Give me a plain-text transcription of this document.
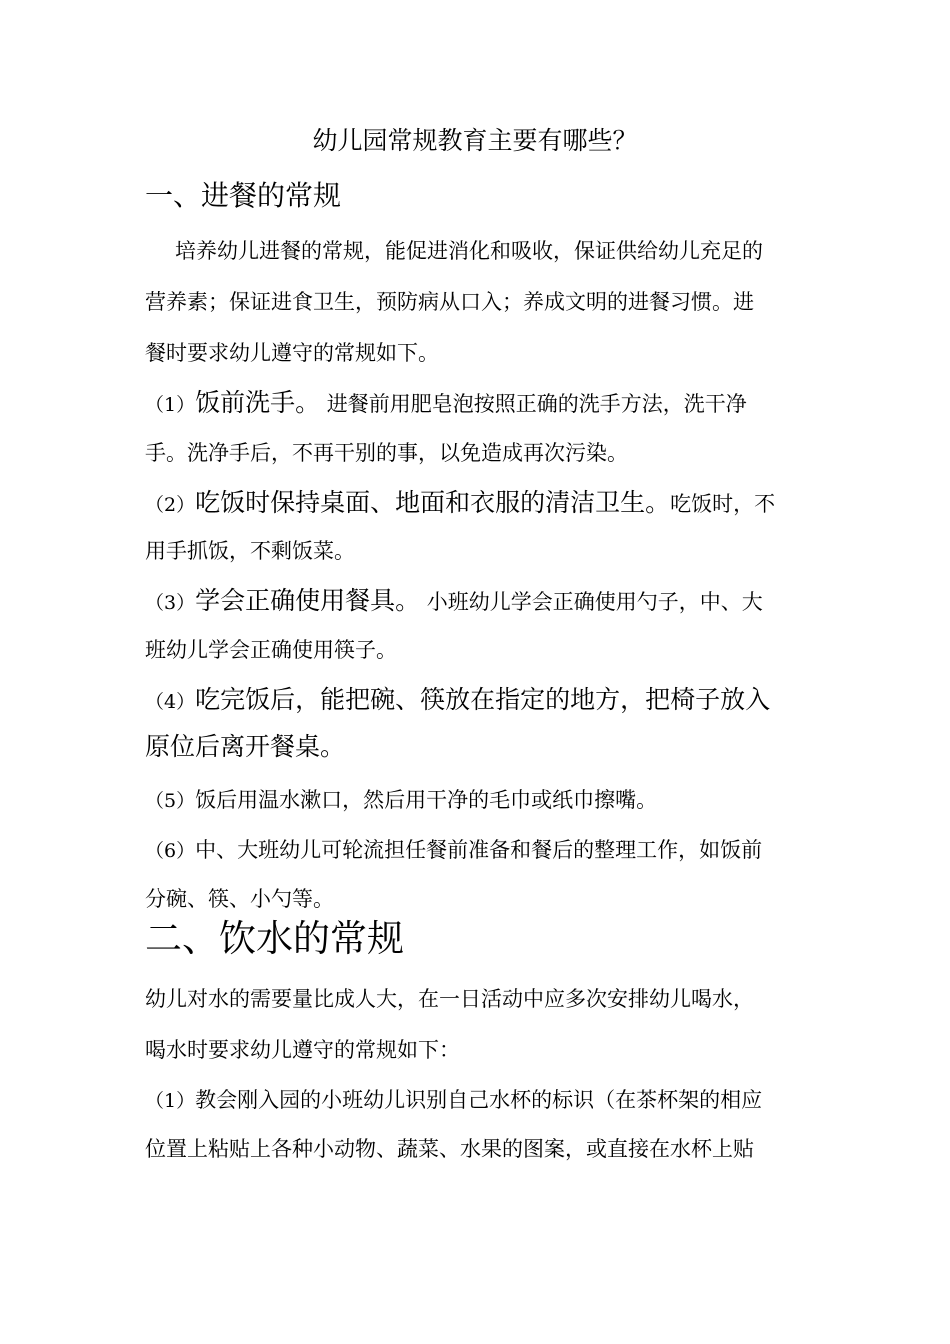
幼儿园常规教育主要有哪些？
一、进餐的常规
培养幼儿进餐的常规，能促进消化和吸收，保证供给幼儿充足的
营养素；保证进食卫生，预防病从口入；养成文明的进餐习惯。进
餐时要求幼儿遵守的常规如下。
（1）饭前洗手。 进餐前用肥皂泡按照正确的洗手方法，洗干净
手。洗净手后，不再干别的事，以免造成再次污染。
（2）吃饭时保持桌面、地面和衣服的清洁卫生。吃饭时，不
用手抓饭，不剩饭菜。
（3）学会正确使用餐具。 小班幼儿学会正确使用勺子，中、大
班幼儿学会正确使用筷子。
（4）吃完饭后，能把碗、筷放在指定的地方，把椅子放入
原位后离开餐桌。
（5）饭后用温水漱口，然后用干净的毛巾或纸巾擦嘴。
（6）中、大班幼儿可轮流担任餐前准备和餐后的整理工作，如饭前
分碗、筷、小勺等。
二、饮水的常规
幼儿对水的需要量比成人大，在一日活动中应多次安排幼儿喝水，
喝水时要求幼儿遵守的常规如下：
（1）教会刚入园的小班幼儿识别自己水杯的标识（在茶杯架的相应
位置上粘贴上各种小动物、蔬菜、水果的图案，或直接在水杯上贴
